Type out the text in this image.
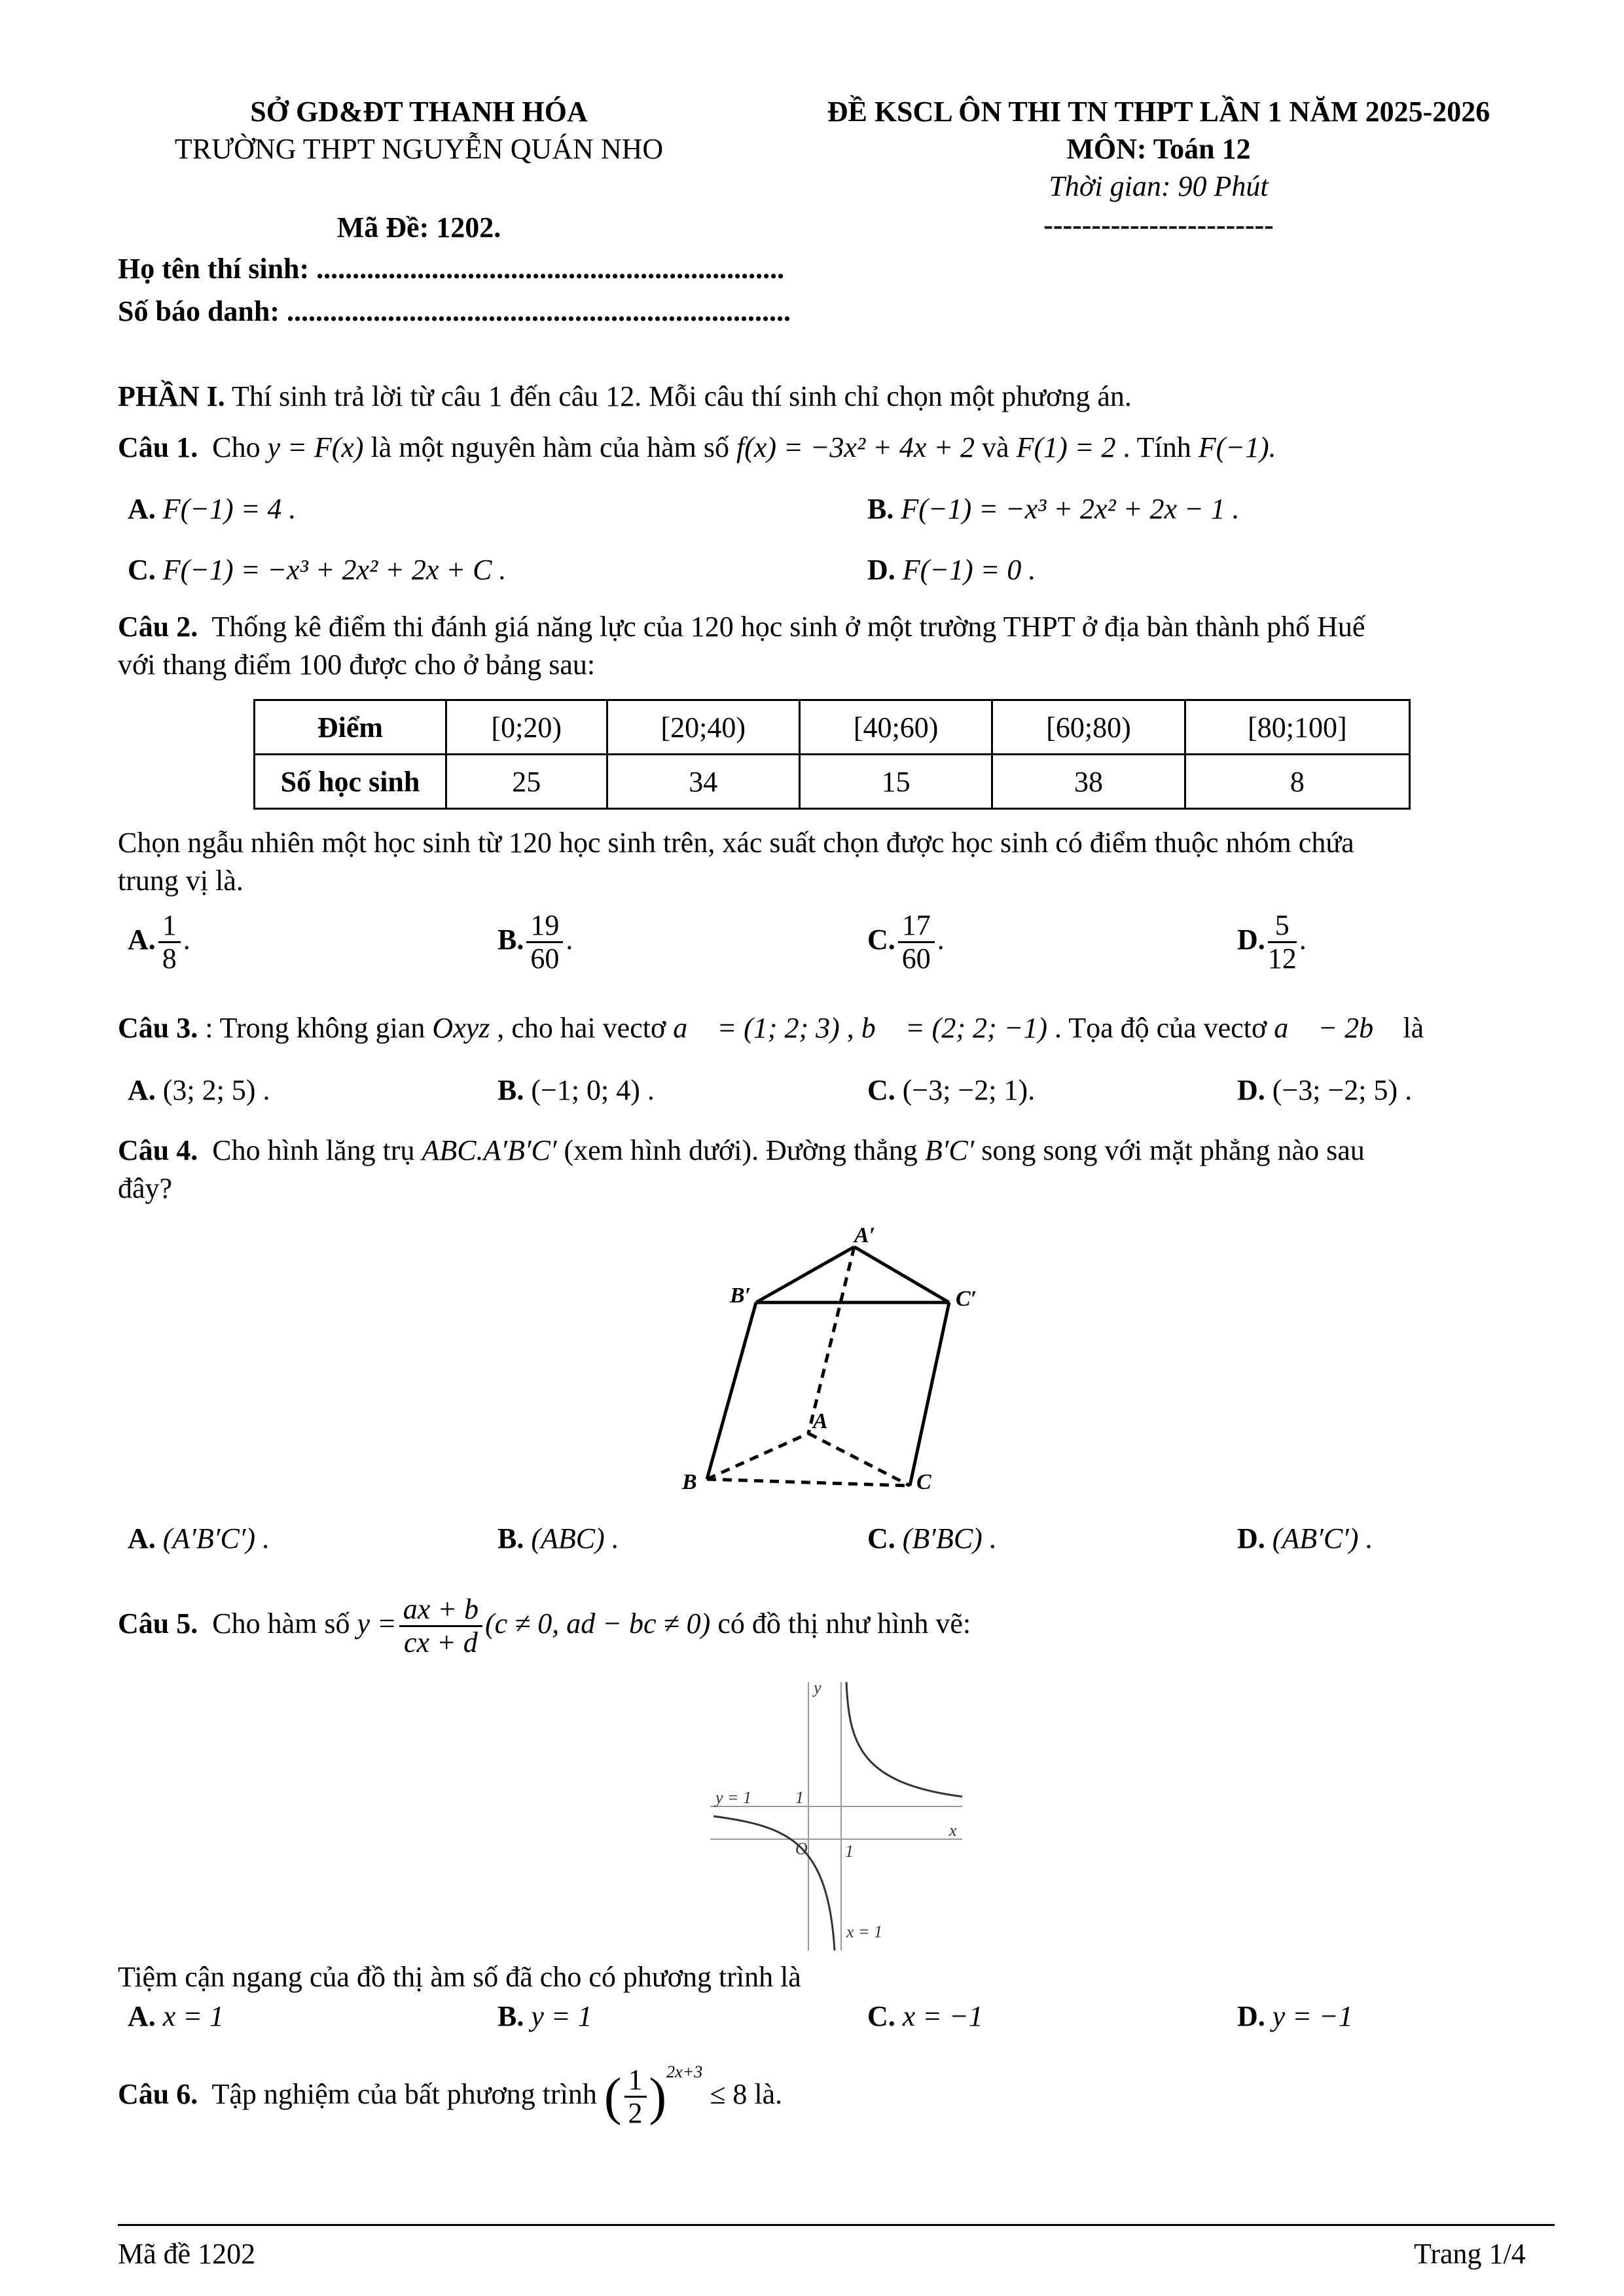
SỞ GD&ĐT THANH HÓA
TRƯỜNG THPT NGUYỄN QUÁN NHO
ĐỀ KSCL ÔN THI TN THPT LẦN 1 NĂM 2025-2026
MÔN: Toán 12
Thời gian: 90 Phút
------------------------
Mã Đề: 1202.
Họ tên thí sinh: .................................................................
Số báo danh: ......................................................................
PHẦN I. Thí sinh trả lời từ câu 1 đến câu 12. Mỗi câu thí sinh chỉ chọn một phương án.
Câu 1. Cho y = F(x) là một nguyên hàm của hàm số f(x) = −3x² + 4x + 2 và F(1) = 2 . Tính F(−1).
A. F(−1) = 4 .	B. F(−1) = −x³ + 2x² + 2x − 1 .
C. F(−1) = −x³ + 2x² + 2x + C .	D. F(−1) = 0 .
Câu 2. Thống kê điểm thi đánh giá năng lực của 120 học sinh ở một trường THPT ở địa bàn thành phố Huế
với thang điểm 100 được cho ở bảng sau:
Điểm	[0;20)	[20;40)	[40;60)	[60;80)	[80;100]
Số học sinh	25	34	15	38	8
Chọn ngẫu nhiên một học sinh từ 120 học sinh trên, xác suất chọn được học sinh có điểm thuộc nhóm chứa
trung vị là.
A. $\frac{1}{8}$ .	B. $\frac{19}{60}$ .	C. $\frac{17}{60}$ .	D. $\frac{5}{12}$ .
Câu 3. : Trong không gian Oxyz , cho hai vectơ a⃗ = (1; 2; 3) , b⃗ = (2; 2; −1) . Tọa độ của vectơ a⃗ − 2b⃗ là
A. (3; 2; 5) .	B. (−1; 0; 4) .	C. (−3; −2; 1).	D. (−3; −2; 5) .
Câu 4. Cho hình lăng trụ ABC.A′B′C′ (xem hình dưới). Đường thẳng B′C′ song song với mặt phẳng nào sau
đây?
A′
B′	C′
A
B	C
A. (A′B′C′) .	B. (ABC) .	C. (B′BC) .	D. (AB′C′) .
Câu 5. Cho hàm số $y = \frac{ax + b}{cx + d} (c \ne 0$, ad − bc ≠ 0) có đồ thị như hình vẽ:
y
x
O 1
1
y = 1
x = 1
Tiệm cận ngang của đồ thị àm số đã cho có phương trình là
A. x = 1	B. y = 1	C. x = −1	D. y = −1
Câu 6. Tập nghiệm của bất phương trình ( $\frac{1}{2} )^{2x+3} \le 8$ là.
Mã đề 1202	Trang 1/4
